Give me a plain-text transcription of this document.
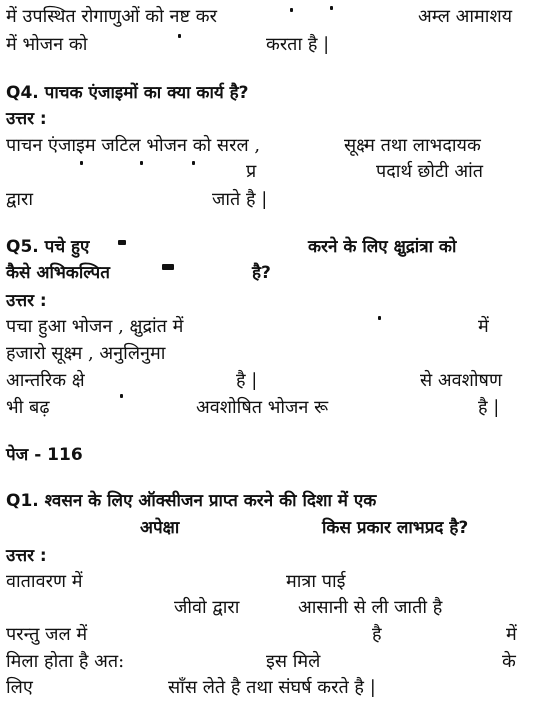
में उपस्थित रोगाणुओं को नष्ट कर	अम्ल आमाशय

में भोजन को	करता है |

Q4. पाचक एंजाइमों का क्या कार्य है?

उत्तर :

पाचन एंजाइम जटिल भोजन को सरल ,	सूक्ष्म तथा लाभदायक

प्र	पदार्थ छोटी आंत

द्वारा	जाते है |

Q5. पचे हुए	करने के लिए क्षुद्रांत्रा को

कैसे अभिकल्पित	है?

उत्तर :

पचा हुआ भोजन , क्षुद्रांत में	में

हजारो सूक्ष्म , अनुलिनुमा

आन्तरिक क्षे	है |	से अवशोषण

भी बढ़	अवशोषित भोजन रू	है |

पेज - 116

Q1. श्वसन के लिए ऑक्सीजन प्राप्त करने की दिशा में एक

अपेक्षा	किस प्रकार लाभप्रद है?

उत्तर :

वातावरण में	मात्रा पाई

जीवो द्वारा	आसानी से ली जाती है

परन्तु जल में	है	में

मिला होता है अत:	इस मिले	के

लिए	साँस लेते है तथा संघर्ष करते है |
